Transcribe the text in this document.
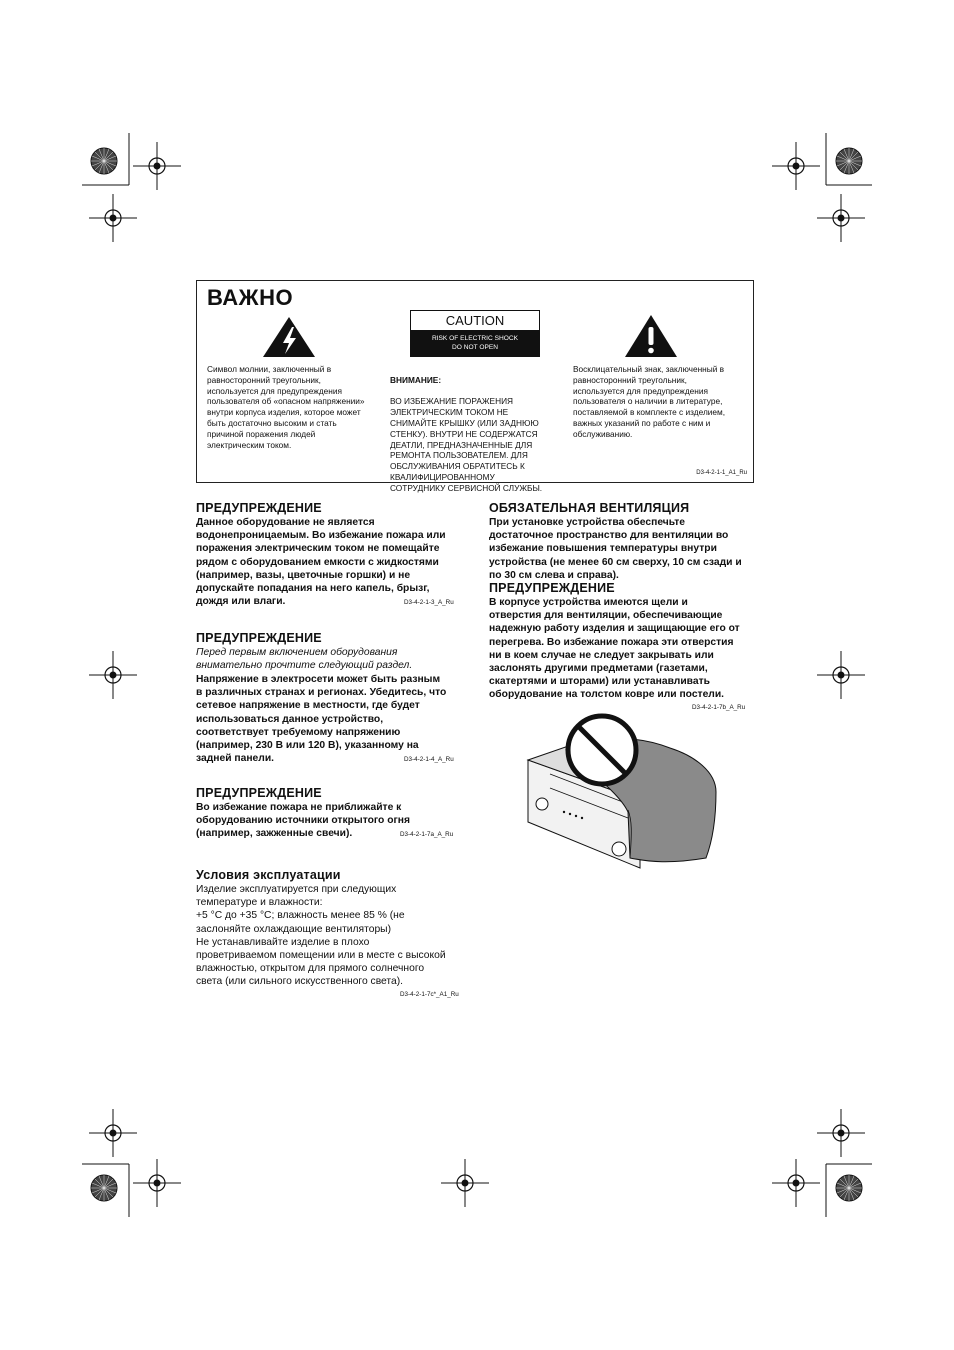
ВАЖНО
CAUTION
RISK OF ELECTRIC SHOCK
DO NOT OPEN
Символ молнии, заключенный в
равносторонний треугольник,
используется для предупреждения
пользователя об «опасном напряжении»
внутри корпуса изделия, которое может
быть достаточно высоким и стать
причиной поражения людей
электрическим током.

ВНИМАНИЕ:

ВО ИЗБЕЖАНИЕ ПОРАЖЕНИЯ
ЭЛЕКТРИЧЕСКИМ ТОКОМ НЕ
СНИМАЙТЕ КРЫШКУ (ИЛИ ЗАДНЮЮ
СТЕНКУ). ВНУТРИ НЕ СОДЕРЖАТСЯ
ДЕАТЛИ, ПРЕДНАЗНАЧЕННЫЕ ДЛЯ
РЕМОНТА ПОЛЬЗОВАТЕЛЕМ. ДЛЯ
ОБСЛУЖИВАНИЯ ОБРАТИТЕСЬ К
КВАЛИФИЦИРОВАННОМУ
СОТРУДНИКУ СЕРВИСНОЙ СЛУЖБЫ.

Восклицательный знак, заключенный в
равносторонний треугольник,
используется для предупреждения
пользователя о наличии в литературе,
поставляемой в комплекте с изделием,
важных указаний по работе с ним и
обслуживанию.
D3-4-2-1-1_A1_Ru
ПРЕДУПРЕЖДЕНИЕ
Данное оборудование не является
водонепроницаемым. Во избежание пожара или
поражения электрическим током не помещайте
рядом с оборудованием емкости с жидкостями
(например, вазы, цветочные горшки) и не
допускайте попадания на него капель, брызг,
дождя или влаги.	D3-4-2-1-3_A_Ru
ПРЕДУПРЕЖДЕНИЕ
Перед первым включением оборудования
внимательно прочтите следующий раздел.
Напряжение в электросети может быть разным
в различных странах и регионах. Убедитесь, что
сетевое напряжение в местности, где будет
использоваться данное устройство,
соответствует требуемому напряжению
(например, 230 В или 120 В), указанному на
задней панели.	D3-4-2-1-4_A_Ru
ПРЕДУПРЕЖДЕНИЕ
Во избежание пожара не приближайте к
оборудованию источники открытого огня
(например, зажженные свечи).	D3-4-2-1-7a_A_Ru
Условия эксплуатации
Изделие эксплуатируется при следующих
температуре и влажности:
+5 °C до +35 °C; влажность менее 85 % (не
заслоняйте охлаждающие вентиляторы)
Не устанавливайте изделие в плохо
проветриваемом помещении или в месте с высокой
влажностью, открытом для прямого солнечного
света (или сильного искусственного света).
D3-4-2-1-7c*_A1_Ru
ОБЯЗАТЕЛЬНАЯ ВЕНТИЛЯЦИЯ
При установке устройства обеспечьте
достаточное пространство для вентиляции во
избежание повышения температуры внутри
устройства (не менее 60 см сверху, 10 см сзади и
по 30 см слева и справа).
ПРЕДУПРЕЖДЕНИЕ
В корпусе устройства имеются щели и
отверстия для вентиляции, обеспечивающие
надежную работу изделия и защищающие его от
перегрева. Во избежание пожара эти отверстия
ни в коем случае не следует закрывать или
заслонять другими предметами (газетами,
скатертями и шторами) или устанавливать
оборудование на толстом ковре или постели.
D3-4-2-1-7b_A_Ru
